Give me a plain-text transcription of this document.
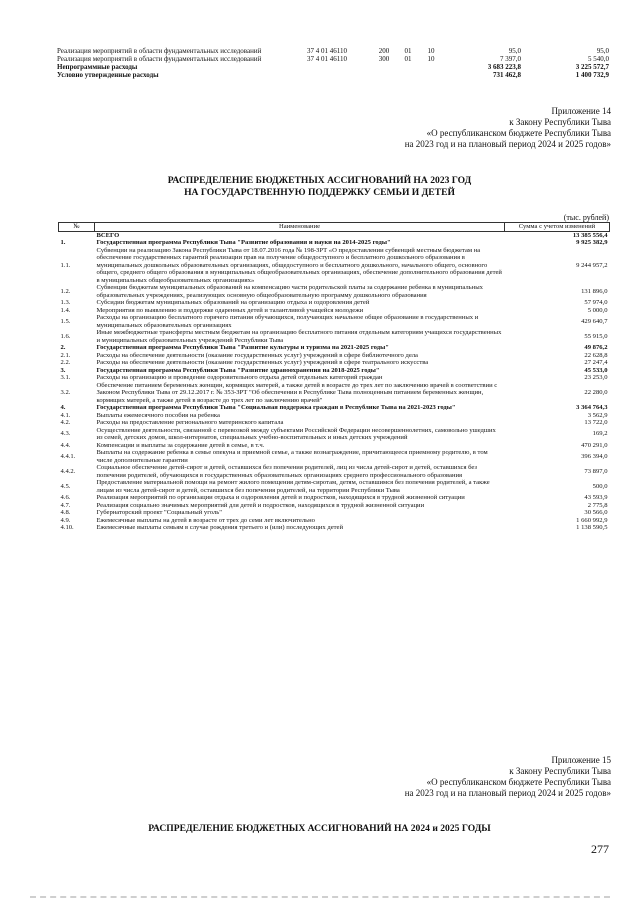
Реализация мероприятий в области фундаментальных исследований	37 4 01 46110	200	01	10	95,0	95,0
Реализация мероприятий в области фундаментальных исследований	37 4 01 46110	300	01	10	7 397,0	5 540,0
Непрограммные расходы					3 683 223,8	3 225 572,7
Условно утвержденные расходы					731 462,8	1 400 732,9
Приложение 14
к Закону Республики Тыва
«О республиканском бюджете Республики Тыва
на 2023 год и на плановый период 2024 и 2025 годов»
РАСПРЕДЕЛЕНИЕ БЮДЖЕТНЫХ АССИГНОВАНИЙ НА 2023 ГОД
НА ГОСУДАРСТВЕННУЮ ПОДДЕРЖКУ СЕМЬИ И ДЕТЕЙ
(тыс. рублей)
№	Наименование	Сумма с учетом изменений
	ВСЕГО	13 385 556,4
1.	Государственная программа Республики Тыва "Развитие образования и науки на 2014-2025 годы"	9 925 382,9
1.1.	Субвенции на реализацию Закона Республики Тыва от 18.07.2016 года № 198-ЗРТ «О предоставлении субвенций местным бюджетам на обеспечение государственных гарантий реализации прав на получение общедоступного и бесплатного дошкольного образования в муниципальных дошкольных образовательных организациях, общедоступного и бесплатного дошкольного, начального общего, основного общего, среднего общего образования в муниципальных общеобразовательных организациях, обеспечение дополнительного образования детей в муниципальных общеобразовательных организациях»	9 244 957,2
1.2.	Субвенции бюджетам муниципальных образований на компенсацию части родительской платы за содержание ребенка в муниципальных образовательных учреждениях, реализующих основную общеобразовательную программу дошкольного образования	131 896,0
1.3.	Субсидии бюджетам муниципальных образований на организацию отдыха и оздоровления детей	57 974,0
1.4.	Мероприятия по выявлению и поддержке одаренных детей и талантливой учащейся молодежи	5 000,0
1.5.	Расходы на организацию бесплатного горячего питания обучающихся, получающих начальное общее образование в государственных и муниципальных образовательных организациях	429 640,7
1.6.	Иные межбюджетные трансферты местным бюджетам на организацию бесплатного питания отдельным категориям учащихся государственных и муниципальных образовательных учреждений Республики Тыва	55 915,0
2.	Государственная программа Республики Тыва "Развитие культуры и туризма на 2021-2025 годы"	49 876,2
2.1.	Расходы на обеспечение деятельности (оказание государственных услуг) учреждений в сфере библиотечного дела	22 628,8
2.2.	Расходы на обеспечение деятельности (оказание государственных услуг) учреждений в сфере театрального искусства	27 247,4
3.	Государственная программа Республики Тыва "Развитие здравоохранения на 2018-2025 годы"	45 533,0
3.1.	Расходы на организацию и проведение оздоровительного отдыха детей отдельных категорий граждан	23 253,0
3.2.	Обеспечение питанием беременных женщин, кормящих матерей, а также детей в возрасте до трех лет по заключению врачей в соответствии с Законом Республики Тыва от 29.12.2017 г. № 353-ЗРТ "Об обеспечении в Республике Тыва полноценным питанием беременных женщин, кормящих матерей, а также детей в возрасте до трех лет по заключению врачей"	22 280,0
4.	Государственная программа Республики Тыва "Социальная поддержка граждан в Республике Тыва на 2021-2023 годы"	3 364 764,3
4.1.	Выплаты ежемесячного пособия на ребенка	3 562,9
4.2.	Расходы на предоставление регионального материнского капитала	13 722,0
4.3.	Осуществление деятельности, связанной с перевозкой между субъектами Российской Федерации несовершеннолетних, самовольно ушедших из семей, детских домов, школ-интернатов, специальных учебно-воспитательных и иных детских учреждений	169,2
4.4.	Компенсации и выплаты за содержание детей в семье, в т.ч.	470 291,0
4.4.1.	Выплаты на содержание ребенка в семье опекуна и приемной семье, а также вознаграждение, причитающееся приемному родителю, в том числе дополнительные гарантии	396 394,0
4.4.2.	Социальное обеспечение детей-сирот и детей, оставшихся без попечения родителей, лиц из числа детей-сирот и детей, оставшихся без попечения родителей, обучающихся в государственных образовательных организациях среднего профессионального образования	73 897,0
4.5.	Предоставление материальной помощи на ремонт жилого помещения детям-сиротам, детям, оставшимся без попечения родителей, а также лицам из числа детей-сирот и детей, оставшихся без попечения родителей, на территории Республики Тыва	500,0
4.6.	Реализация мероприятий по организации отдыха и оздоровления детей и подростков, находящихся в трудной жизненной ситуации	43 593,9
4.7.	Реализация социально значимых мероприятий для детей и подростков, находящихся в трудной жизненной ситуации	2 775,8
4.8.	Губернаторский проект "Социальный уголь"	30 566,0
4.9.	Ежемесячные выплаты на детей в возрасте от трех до семи лет включительно	1 660 992,9
4.10.	Ежемесячные выплаты семьям в случае рождения третьего и (или) последующих детей	1 138 590,5
Приложение 15
к Закону Республики Тыва
«О республиканском бюджете Республики Тыва
на 2023 год и на плановый период 2024 и 2025 годов»
РАСПРЕДЕЛЕНИЕ БЮДЖЕТНЫХ АССИГНОВАНИЙ НА 2024 и 2025 ГОДЫ
277
